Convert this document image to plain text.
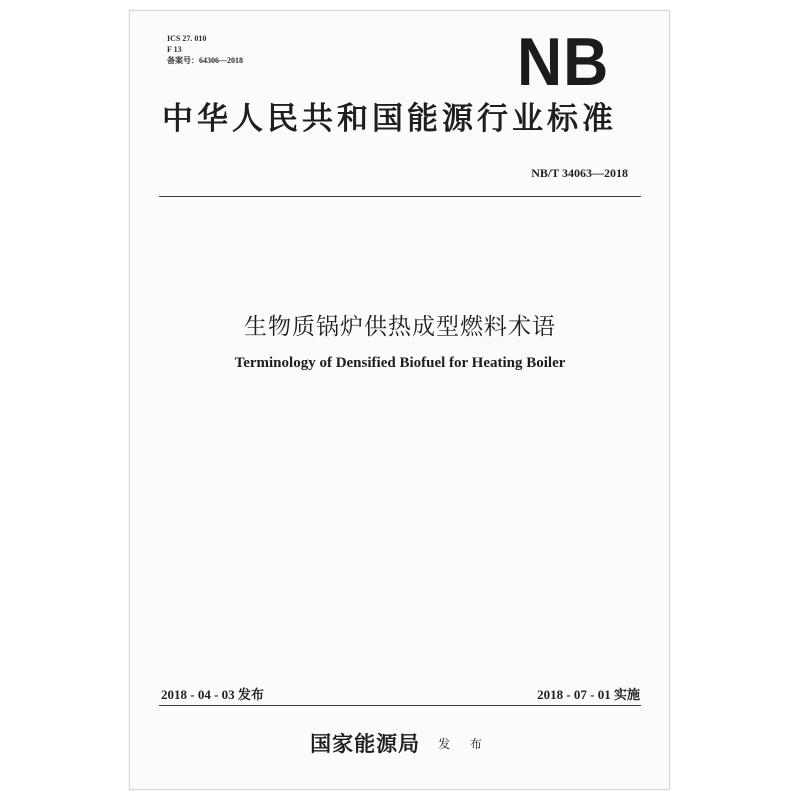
ICS 27. 010
F 13
备案号：64306—2018	NB
中华人民共和国能源行业标准
NB/T 34063—2018
生物质锅炉供热成型燃料术语
Terminology of Densified Biofuel for Heating Boiler
2018 - 04 - 03 发布	2018 - 07 - 01 实施
国家能源局 发 布
